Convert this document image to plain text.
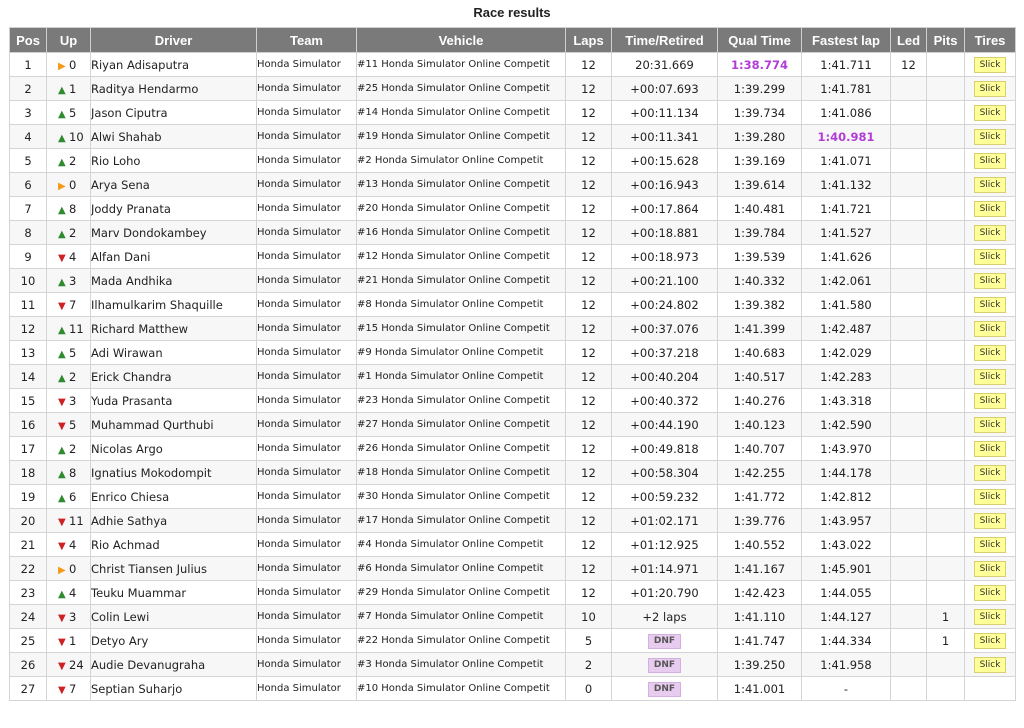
Race results
Pos	Up	Driver	Team	Vehicle	Laps	Time/Retired	Qual Time	Fastest lap	Led	Pits	Tires
1	▶ 0	Riyan Adisaputra	Honda Simulator	#11 Honda Simulator Online Competit	12	20:31.669	1:38.774	1:41.711	12		Slick
2	▲ 1	Raditya Hendarmo	Honda Simulator	#25 Honda Simulator Online Competit	12	+00:07.693	1:39.299	1:41.781			Slick
3	▲ 5	Jason Ciputra	Honda Simulator	#14 Honda Simulator Online Competit	12	+00:11.134	1:39.734	1:41.086			Slick
4	▲ 10	Alwi Shahab	Honda Simulator	#19 Honda Simulator Online Competit	12	+00:11.341	1:39.280	1:40.981			Slick
5	▲ 2	Rio Loho	Honda Simulator	#2 Honda Simulator Online Competit	12	+00:15.628	1:39.169	1:41.071			Slick
6	▶ 0	Arya Sena	Honda Simulator	#13 Honda Simulator Online Competit	12	+00:16.943	1:39.614	1:41.132			Slick
7	▲ 8	Joddy Pranata	Honda Simulator	#20 Honda Simulator Online Competit	12	+00:17.864	1:40.481	1:41.721			Slick
8	▲ 2	Marv Dondokambey	Honda Simulator	#16 Honda Simulator Online Competit	12	+00:18.881	1:39.784	1:41.527			Slick
9	▼ 4	Alfan Dani	Honda Simulator	#12 Honda Simulator Online Competit	12	+00:18.973	1:39.539	1:41.626			Slick
10	▲ 3	Mada Andhika	Honda Simulator	#21 Honda Simulator Online Competit	12	+00:21.100	1:40.332	1:42.061			Slick
11	▼ 7	Ilhamulkarim Shaquille	Honda Simulator	#8 Honda Simulator Online Competit	12	+00:24.802	1:39.382	1:41.580			Slick
12	▲ 11	Richard Matthew	Honda Simulator	#15 Honda Simulator Online Competit	12	+00:37.076	1:41.399	1:42.487			Slick
13	▲ 5	Adi Wirawan	Honda Simulator	#9 Honda Simulator Online Competit	12	+00:37.218	1:40.683	1:42.029			Slick
14	▲ 2	Erick Chandra	Honda Simulator	#1 Honda Simulator Online Competit	12	+00:40.204	1:40.517	1:42.283			Slick
15	▼ 3	Yuda Prasanta	Honda Simulator	#23 Honda Simulator Online Competit	12	+00:40.372	1:40.276	1:43.318			Slick
16	▼ 5	Muhammad Qurthubi	Honda Simulator	#27 Honda Simulator Online Competit	12	+00:44.190	1:40.123	1:42.590			Slick
17	▲ 2	Nicolas Argo	Honda Simulator	#26 Honda Simulator Online Competit	12	+00:49.818	1:40.707	1:43.970			Slick
18	▲ 8	Ignatius Mokodompit	Honda Simulator	#18 Honda Simulator Online Competit	12	+00:58.304	1:42.255	1:44.178			Slick
19	▲ 6	Enrico Chiesa	Honda Simulator	#30 Honda Simulator Online Competit	12	+00:59.232	1:41.772	1:42.812			Slick
20	▼ 11	Adhie Sathya	Honda Simulator	#17 Honda Simulator Online Competit	12	+01:02.171	1:39.776	1:43.957			Slick
21	▼ 4	Rio Achmad	Honda Simulator	#4 Honda Simulator Online Competit	12	+01:12.925	1:40.552	1:43.022			Slick
22	▶ 0	Christ Tiansen Julius	Honda Simulator	#6 Honda Simulator Online Competit	12	+01:14.971	1:41.167	1:45.901			Slick
23	▲ 4	Teuku Muammar	Honda Simulator	#29 Honda Simulator Online Competit	12	+01:20.790	1:42.423	1:44.055			Slick
24	▼ 3	Colin Lewi	Honda Simulator	#7 Honda Simulator Online Competit	10	+2 laps	1:41.110	1:44.127		1	Slick
25	▼ 1	Detyo Ary	Honda Simulator	#22 Honda Simulator Online Competit	5	DNF	1:41.747	1:44.334		1	Slick
26	▼ 24	Audie Devanugraha	Honda Simulator	#3 Honda Simulator Online Competit	2	DNF	1:39.250	1:41.958			Slick
27	▼ 7	Septian Suharjo	Honda Simulator	#10 Honda Simulator Online Competit	0	DNF	1:41.001	-			
